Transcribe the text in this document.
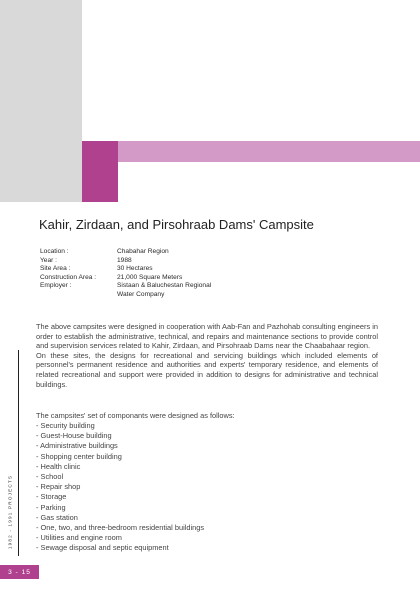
Kahir, Zirdaan, and Pirsohraab Dams' Campsite
Location :	Chabahar Region
Year :	1988
Site Area :	30 Hectares
Construction Area :	21,000 Square Meters
Employer :	Sistaan & Baluchestan Regional
Water Company

The above campsites were designed in cooperation with Aab-Fan and Pazhohab consulting engineers in order to establish the administrative, technical, and repairs and maintenance sections to provide control and supervision services related to Kahir, Zirdaan, and Pirsohraab Dams near the Chaabahaar region.

On these sites, the designs for recreational and servicing buildings which included elements of personnel's permanent residence and authorities and experts' temporary residence, and elements of related recreational and support were provided in addition to designs for administrative and technical buildings.

The campsites' set of componants were designed as follows:
- Security building
- Guest-House building
- Administrative buildings
- Shopping center building
- Health clinic
- School
- Repair shop
- Storage
- Parking
- Gas station
- One, two, and three-bedroom residential buildings
- Utilities and engine room
- Sewage disposal and septic equipment
1982 - 1991 PROJECTS
3 - 15
